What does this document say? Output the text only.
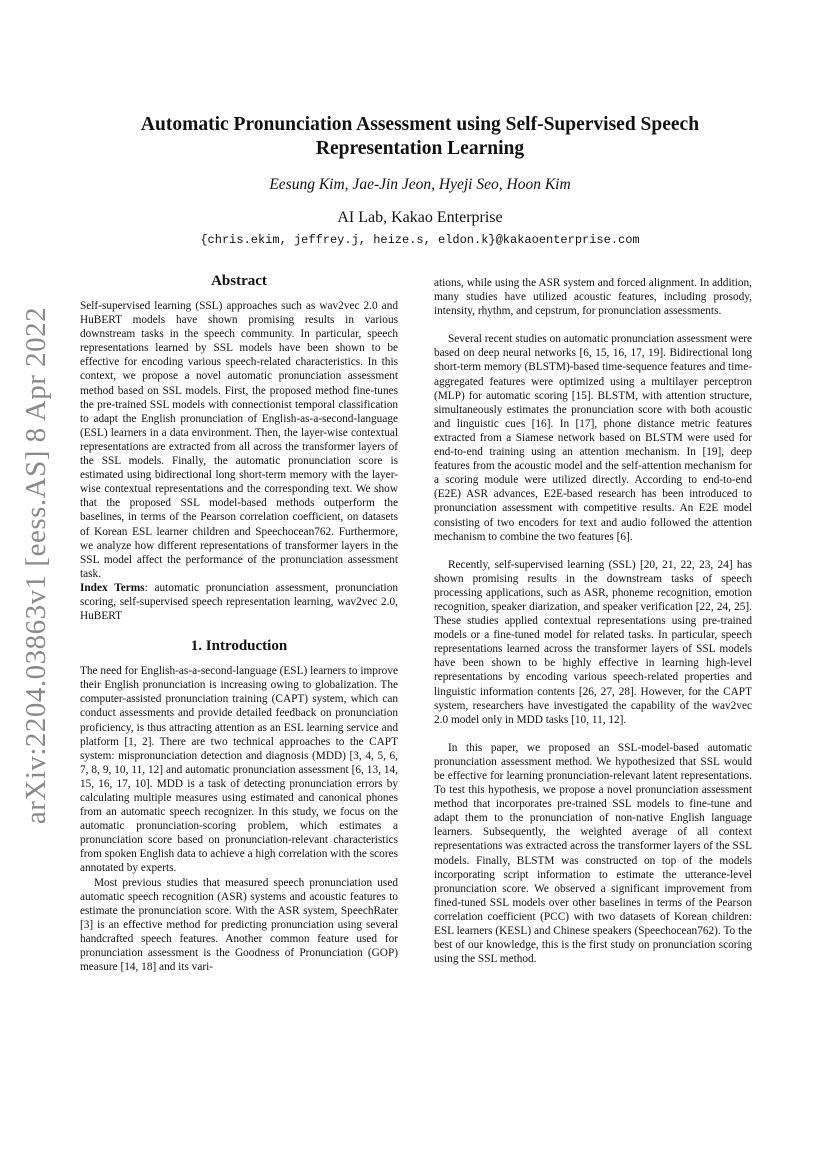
arXiv:2204.03863v1 [eess.AS] 8 Apr 2022
Automatic Pronunciation Assessment using Self-Supervised Speech Representation Learning

Eesung Kim, Jae-Jin Jeon, Hyeji Seo, Hoon Kim

AI Lab, Kakao Enterprise

{chris.ekim, jeffrey.j, heize.s, eldon.k}@kakaoenterprise.com

Abstract

Self-supervised learning (SSL) approaches such as wav2vec 2.0 and HuBERT models have shown promising results in various downstream tasks in the speech community. In particular, speech representations learned by SSL models have been shown to be effective for encoding various speech-related characteristics. In this context, we propose a novel automatic pronunciation assessment method based on SSL models. First, the proposed method fine-tunes the pre-trained SSL models with connectionist temporal classification to adapt the English pronunciation of English-as-a-second-language (ESL) learners in a data environment. Then, the layer-wise contextual representations are extracted from all across the transformer layers of the SSL models. Finally, the automatic pronunciation score is estimated using bidirectional long short-term memory with the layer-wise contextual representations and the corresponding text. We show that the proposed SSL model-based methods outperform the baselines, in terms of the Pearson correlation coefficient, on datasets of Korean ESL learner children and Speechocean762. Furthermore, we analyze how different representations of transformer layers in the SSL model affect the performance of the pronunciation assessment task.

Index Terms: automatic pronunciation assessment, pronunciation scoring, self-supervised speech representation learning, wav2vec 2.0, HuBERT

1. Introduction

The need for English-as-a-second-language (ESL) learners to improve their English pronunciation is increasing owing to globalization. The computer-assisted pronunciation training (CAPT) system, which can conduct assessments and provide detailed feedback on pronunciation proficiency, is thus attracting attention as an ESL learning service and platform [1, 2]. There are two technical approaches to the CAPT system: mispronunciation detection and diagnosis (MDD) [3, 4, 5, 6, 7, 8, 9, 10, 11, 12] and automatic pronunciation assessment [6, 13, 14, 15, 16, 17, 10]. MDD is a task of detecting pronunciation errors by calculating multiple measures using estimated and canonical phones from an automatic speech recognizer. In this study, we focus on the automatic pronunciation-scoring problem, which estimates a pronunciation score based on pronunciation-relevant characteristics from spoken English data to achieve a high correlation with the scores annotated by experts.

Most previous studies that measured speech pronunciation used automatic speech recognition (ASR) systems and acoustic features to estimate the pronunciation score. With the ASR system, SpeechRater [3] is an effective method for predicting pronunciation using several handcrafted speech features. Another common feature used for pronunciation assessment is the Goodness of Pronunciation (GOP) measure [14, 18] and its vari-

ations, while using the ASR system and forced alignment. In addition, many studies have utilized acoustic features, including prosody, intensity, rhythm, and cepstrum, for pronunciation assessments.

Several recent studies on automatic pronunciation assessment were based on deep neural networks [6, 15, 16, 17, 19]. Bidirectional long short-term memory (BLSTM)-based time-sequence features and time-aggregated features were optimized using a multilayer perceptron (MLP) for automatic scoring [15]. BLSTM, with attention structure, simultaneously estimates the pronunciation score with both acoustic and linguistic cues [16]. In [17], phone distance metric features extracted from a Siamese network based on BLSTM were used for end-to-end training using an attention mechanism. In [19], deep features from the acoustic model and the self-attention mechanism for a scoring module were utilized directly. According to end-to-end (E2E) ASR advances, E2E-based research has been introduced to pronunciation assessment with competitive results. An E2E model consisting of two encoders for text and audio followed the attention mechanism to combine the two features [6].

Recently, self-supervised learning (SSL) [20, 21, 22, 23, 24] has shown promising results in the downstream tasks of speech processing applications, such as ASR, phoneme recognition, emotion recognition, speaker diarization, and speaker verification [22, 24, 25]. These studies applied contextual representations using pre-trained models or a fine-tuned model for related tasks. In particular, speech representations learned across the transformer layers of SSL models have been shown to be highly effective in learning high-level representations by encoding various speech-related properties and linguistic information contents [26, 27, 28]. However, for the CAPT system, researchers have investigated the capability of the wav2vec 2.0 model only in MDD tasks [10, 11, 12].

In this paper, we proposed an SSL-model-based automatic pronunciation assessment method. We hypothesized that SSL would be effective for learning pronunciation-relevant latent representations. To test this hypothesis, we propose a novel pronunciation assessment method that incorporates pre-trained SSL models to fine-tune and adapt them to the pronunciation of non-native English language learners. Subsequently, the weighted average of all context representations was extracted across the transformer layers of the SSL models. Finally, BLSTM was constructed on top of the models incorporating script information to estimate the utterance-level pronunciation score. We observed a significant improvement from fined-tuned SSL models over other baselines in terms of the Pearson correlation coefficient (PCC) with two datasets of Korean children: ESL learners (KESL) and Chinese speakers (Speechocean762). To the best of our knowledge, this is the first study on pronunciation scoring using the SSL method.
